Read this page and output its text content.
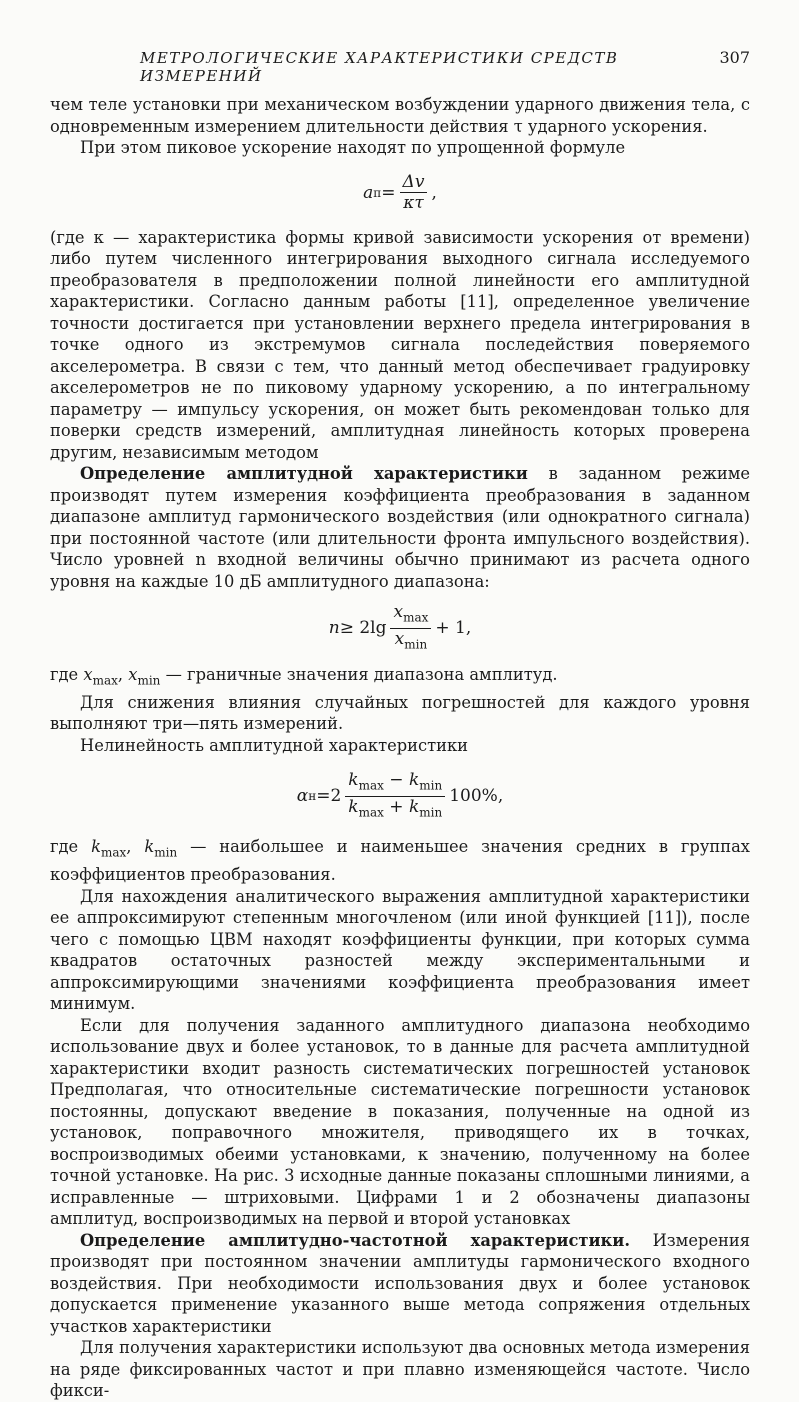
МЕТРОЛОГИЧЕСКИЕ ХАРАКТЕРИСТИКИ СРЕДСТВ ИЗМЕРЕНИЙ
307

чем теле установки при механическом возбуждении ударного движения тела, с одновременным измерением длительности действия τ ударного ускорения.

При этом пиковое ускорение находят по упрощенной формуле

a $п = \frac{\Delta v}{\kappa\tau}$ ,

(где κ — характеристика формы кривой зависимости ускорения от времени) либо путем численного интегрирования выходного сигнала исследуемого преобразователя в предположении полной линейности его амплитудной характеристики. Согласно данным работы [11], определенное увеличение точности достигается при установлении верхнего предела интегрирования в точке одного из экстремумов сигнала последействия поверяемого акселерометра. В связи с тем, что данный метод обеспечивает градуировку акселерометров не по пиковому ударному ускорению, а по интегральному параметру — импульсу ускорения, он может быть рекомендован только для поверки средств измерений, амплитудная линейность которых проверена другим, независимым методом

Определение амплитудной характеристики в заданном режиме производят путем измерения коэффициента преобразования в заданном диапазоне амплитуд гармонического воздействия (или однократного сигнала) при постоянной частоте (или длительности фронта импульсного воздействия). Число уровней n входной величины обычно принимают из расчета одного уровня на каждые 10 дБ амплитудного диапазона:

n ≥ 2 $\lg \frac{x_{max}}{x_{min}} + 1$,

где $x_{max}$, $x_{min}$ — граничные значения диапазона амплитуд.

Для снижения влияния случайных погрешностей для каждого уровня выполняют три—пять измерений.

Нелинейность амплитудной характеристики

α $н =2 \frac{k_{max} - k_{min}}{k_{max} + k_{min}} 100\%$,

где $k_{max}$, $k_{min}$ — наибольшее и наименьшее значения средних в группах коэффициентов преобразования.

Для нахождения аналитического выражения амплитудной характеристики ее аппроксимируют степенным многочленом (или иной функцией [11]), после чего с помощью ЦВМ находят коэффициенты функции, при которых сумма квадратов остаточных разностей между экспериментальными и аппроксимирующими значениями коэффициента преобразования имеет минимум.

Если для получения заданного амплитудного диапазона необходимо использование двух и более установок, то в данные для расчета амплитудной характеристики входит разность систематических погрешностей установок Предполагая, что относительные систематические погрешности установок постоянны, допускают введение в показания, полученные на одной из установок, поправочного множителя, приводящего их в точках, воспроизводимых обеими установками, к значению, полученному на более точной установке. На рис. 3 исходные данные показаны сплошными линиями, а исправленные — штриховыми. Цифрами 1 и 2 обозначены диапазоны амплитуд, воспроизводимых на первой и второй установках

Определение амплитудно-частотной характеристики. Измерения производят при постоянном значении амплитуды гармонического входного воздействия. При необходимости использования двух и более установок допускается применение указанного выше метода сопряжения отдельных участков характеристики

Для получения характеристики используют два основных метода измерения на ряде фиксированных частот и при плавно изменяющейся частоте. Число фикси-
